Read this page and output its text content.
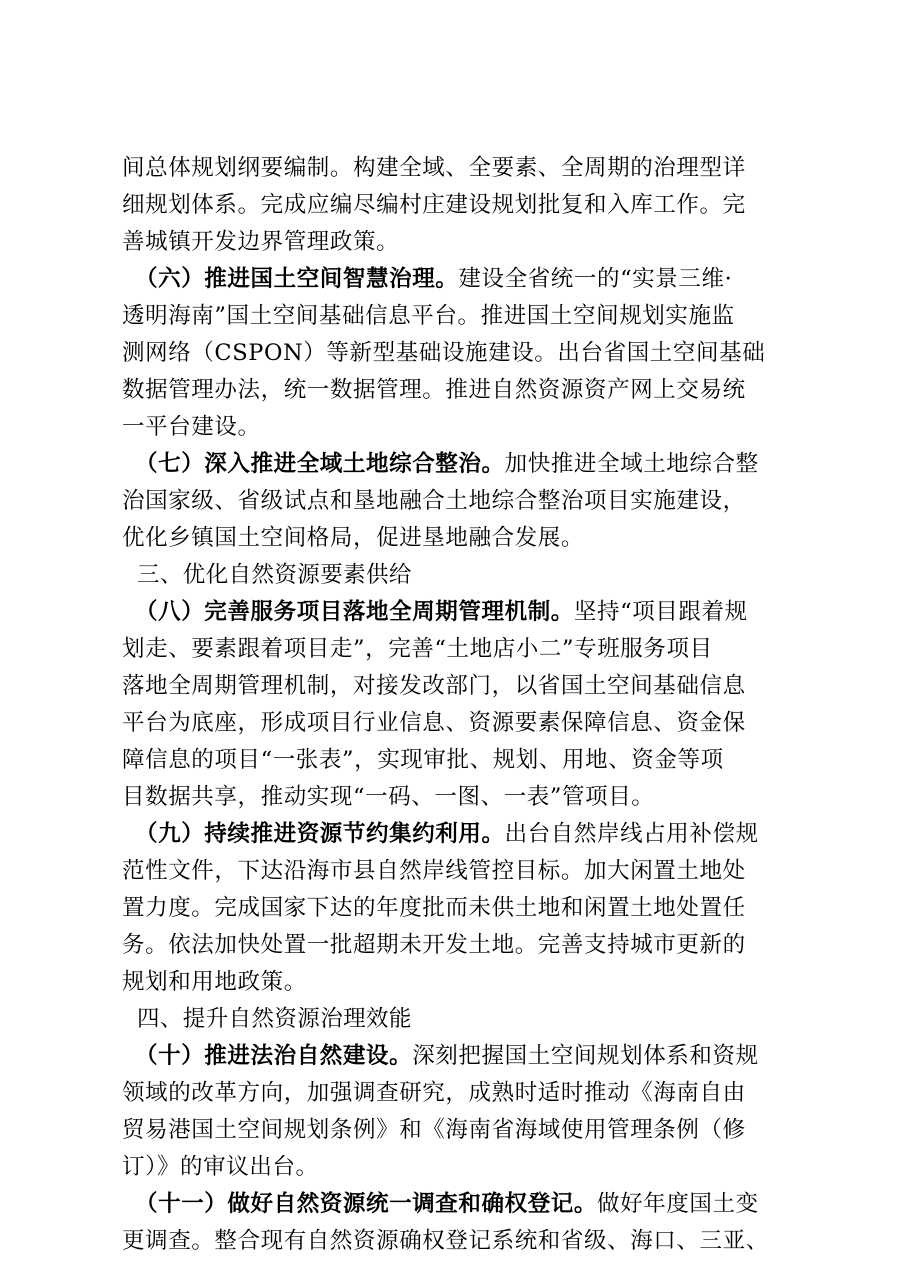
间总体规划纲要编制。构建全域、全要素、全周期的治理型详
细规划体系。完成应编尽编村庄建设规划批复和入库工作。完
善城镇开发边界管理政策。
（六）推进国土空间智慧治理。建设全省统一的“实景三维·
透明海南”国土空间基础信息平台。推进国土空间规划实施监
测网络（CSPON）等新型基础设施建设。出台省国土空间基础
数据管理办法，统一数据管理。推进自然资源资产网上交易统
一平台建设。
（七）深入推进全域土地综合整治。加快推进全域土地综合整
治国家级、省级试点和垦地融合土地综合整治项目实施建设，
优化乡镇国土空间格局，促进垦地融合发展。
三、优化自然资源要素供给
（八）完善服务项目落地全周期管理机制。坚持“项目跟着规
划走、要素跟着项目走”，完善“土地店小二”专班服务项目
落地全周期管理机制，对接发改部门，以省国土空间基础信息
平台为底座，形成项目行业信息、资源要素保障信息、资金保
障信息的项目“一张表”，实现审批、规划、用地、资金等项
目数据共享，推动实现“一码、一图、一表”管项目。
（九）持续推进资源节约集约利用。出台自然岸线占用补偿规
范性文件，下达沿海市县自然岸线管控目标。加大闲置土地处
置力度。完成国家下达的年度批而未供土地和闲置土地处置任
务。依法加快处置一批超期未开发土地。完善支持城市更新的
规划和用地政策。
四、提升自然资源治理效能
（十）推进法治自然建设。深刻把握国土空间规划体系和资规
领域的改革方向，加强调查研究，成熟时适时推动《海南自由
贸易港国土空间规划条例》和《海南省海域使用管理条例（修
订）》的审议出台。
（十一）做好自然资源统一调查和确权登记。做好年度国土变
更调查。整合现有自然资源确权登记系统和省级、海口、三亚、
